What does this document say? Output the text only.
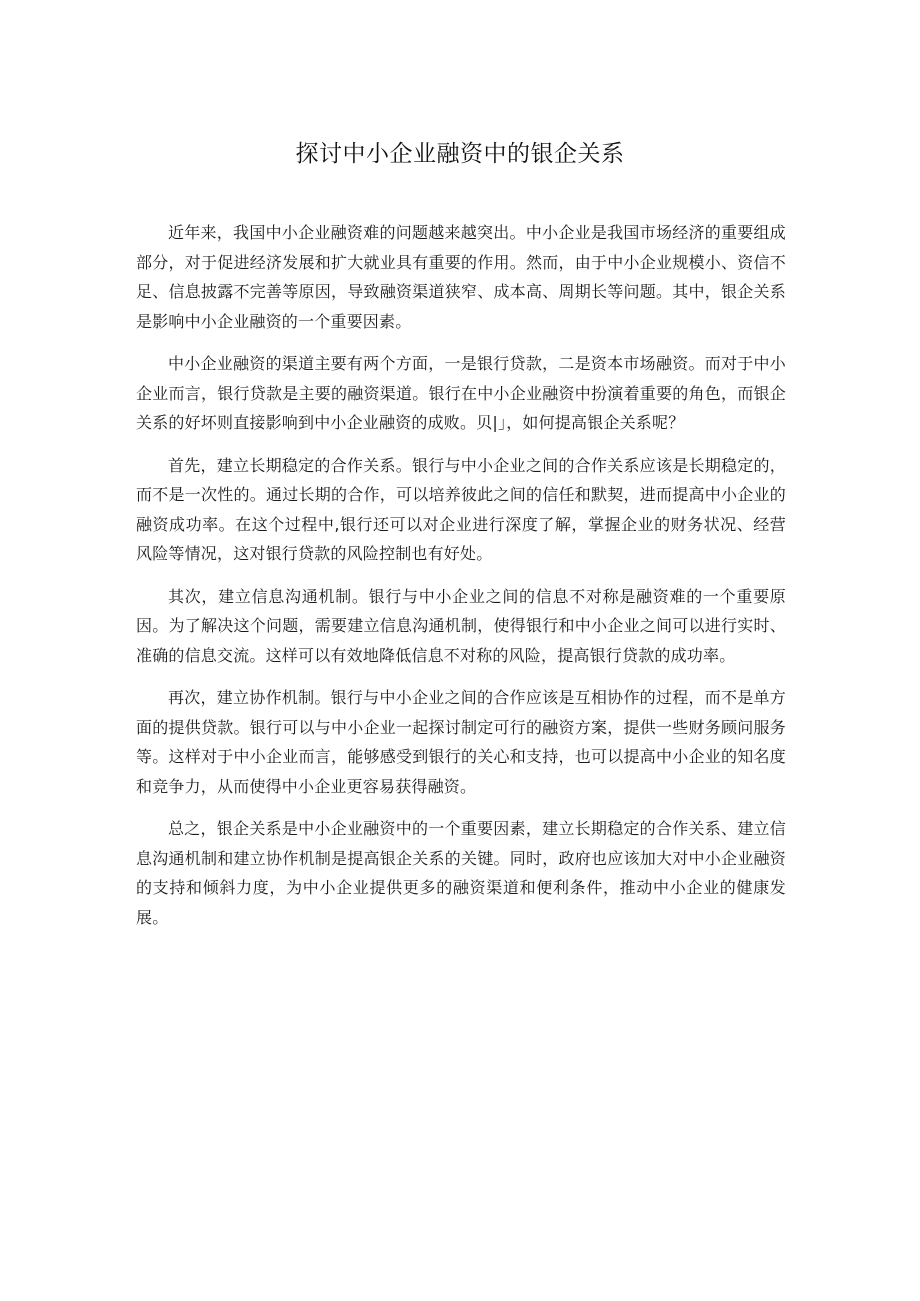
探讨中小企业融资中的银企关系

近年来，我国中小企业融资难的问题越来越突出。中小企业是我国市场经济的重要组成部分，对于促进经济发展和扩大就业具有重要的作用。然而，由于中小企业规模小、资信不足、信息披露不完善等原因，导致融资渠道狭窄、成本高、周期长等问题。其中，银企关系是影响中小企业融资的一个重要因素。

中小企业融资的渠道主要有两个方面，一是银行贷款，二是资本市场融资。而对于中小企业而言，银行贷款是主要的融资渠道。银行在中小企业融资中扮演着重要的角色，而银企关系的好坏则直接影响到中小企业融资的成败。贝|」，如何提高银企关系呢？

首先，建立长期稳定的合作关系。银行与中小企业之间的合作关系应该是长期稳定的，而不是一次性的。通过长期的合作，可以培养彼此之间的信任和默契，进而提高中小企业的融资成功率。在这个过程中,银行还可以对企业进行深度了解，掌握企业的财务状况、经营风险等情况，这对银行贷款的风险控制也有好处。

其次，建立信息沟通机制。银行与中小企业之间的信息不对称是融资难的一个重要原因。为了解决这个问题，需要建立信息沟通机制，使得银行和中小企业之间可以进行实时、准确的信息交流。这样可以有效地降低信息不对称的风险，提高银行贷款的成功率。

再次，建立协作机制。银行与中小企业之间的合作应该是互相协作的过程，而不是单方面的提供贷款。银行可以与中小企业一起探讨制定可行的融资方案，提供一些财务顾问服务等。这样对于中小企业而言，能够感受到银行的关心和支持，也可以提高中小企业的知名度和竞争力，从而使得中小企业更容易获得融资。

总之，银企关系是中小企业融资中的一个重要因素，建立长期稳定的合作关系、建立信息沟通机制和建立协作机制是提高银企关系的关键。同时，政府也应该加大对中小企业融资的支持和倾斜力度，为中小企业提供更多的融资渠道和便利条件，推动中小企业的健康发展。
